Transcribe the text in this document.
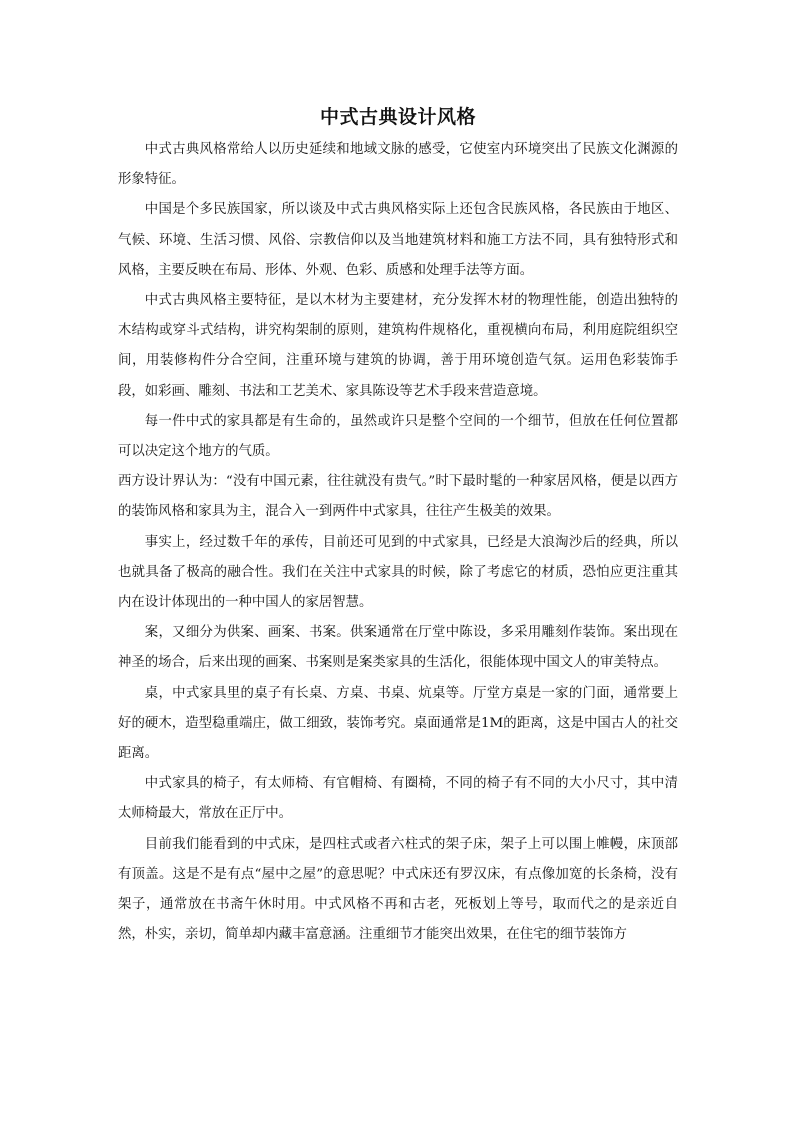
中式古典设计风格

中式古典风格常给人以历史延续和地域文脉的感受，它使室内环境突出了民族文化渊源的形象特征。

中国是个多民族国家，所以谈及中式古典风格实际上还包含民族风格，各民族由于地区、气候、环境、生活习惯、风俗、宗教信仰以及当地建筑材料和施工方法不同，具有独特形式和风格，主要反映在布局、形体、外观、色彩、质感和处理手法等方面。

中式古典风格主要特征，是以木材为主要建材，充分发挥木材的物理性能，创造出独特的木结构或穿斗式结构，讲究构架制的原则，建筑构件规格化，重视横向布局，利用庭院组织空间，用装修构件分合空间，注重环境与建筑的协调，善于用环境创造气氛。运用色彩装饰手段，如彩画、雕刻、书法和工艺美术、家具陈设等艺术手段来营造意境。

每一件中式的家具都是有生命的，虽然或许只是整个空间的一个细节，但放在任何位置都可以决定这个地方的气质。

西方设计界认为：“没有中国元素，往往就没有贵气。”时下最时髦的一种家居风格，便是以西方的装饰风格和家具为主，混合入一到两件中式家具，往往产生极美的效果。

事实上，经过数千年的承传，目前还可见到的中式家具，已经是大浪淘沙后的经典，所以也就具备了极高的融合性。我们在关注中式家具的时候，除了考虑它的材质，恐怕应更注重其内在设计体现出的一种中国人的家居智慧。

案，又细分为供案、画案、书案。供案通常在厅堂中陈设，多采用雕刻作装饰。案出现在神圣的场合，后来出现的画案、书案则是案类家具的生活化，很能体现中国文人的审美特点。

桌，中式家具里的桌子有长桌、方桌、书桌、炕桌等。厅堂方桌是一家的门面，通常要上好的硬木，造型稳重端庄，做工细致，装饰考究。桌面通常是1M的距离，这是中国古人的社交距离。

中式家具的椅子，有太师椅、有官帽椅、有圈椅，不同的椅子有不同的大小尺寸，其中清太师椅最大，常放在正厅中。

目前我们能看到的中式床，是四柱式或者六柱式的架子床，架子上可以围上帷幔，床顶部有顶盖。这是不是有点“屋中之屋”的意思呢？中式床还有罗汉床，有点像加宽的长条椅，没有架子，通常放在书斋午休时用。中式风格不再和古老，死板划上等号，取而代之的是亲近自然，朴实，亲切，简单却内藏丰富意涵。注重细节才能突出效果，在住宅的细节装饰方
